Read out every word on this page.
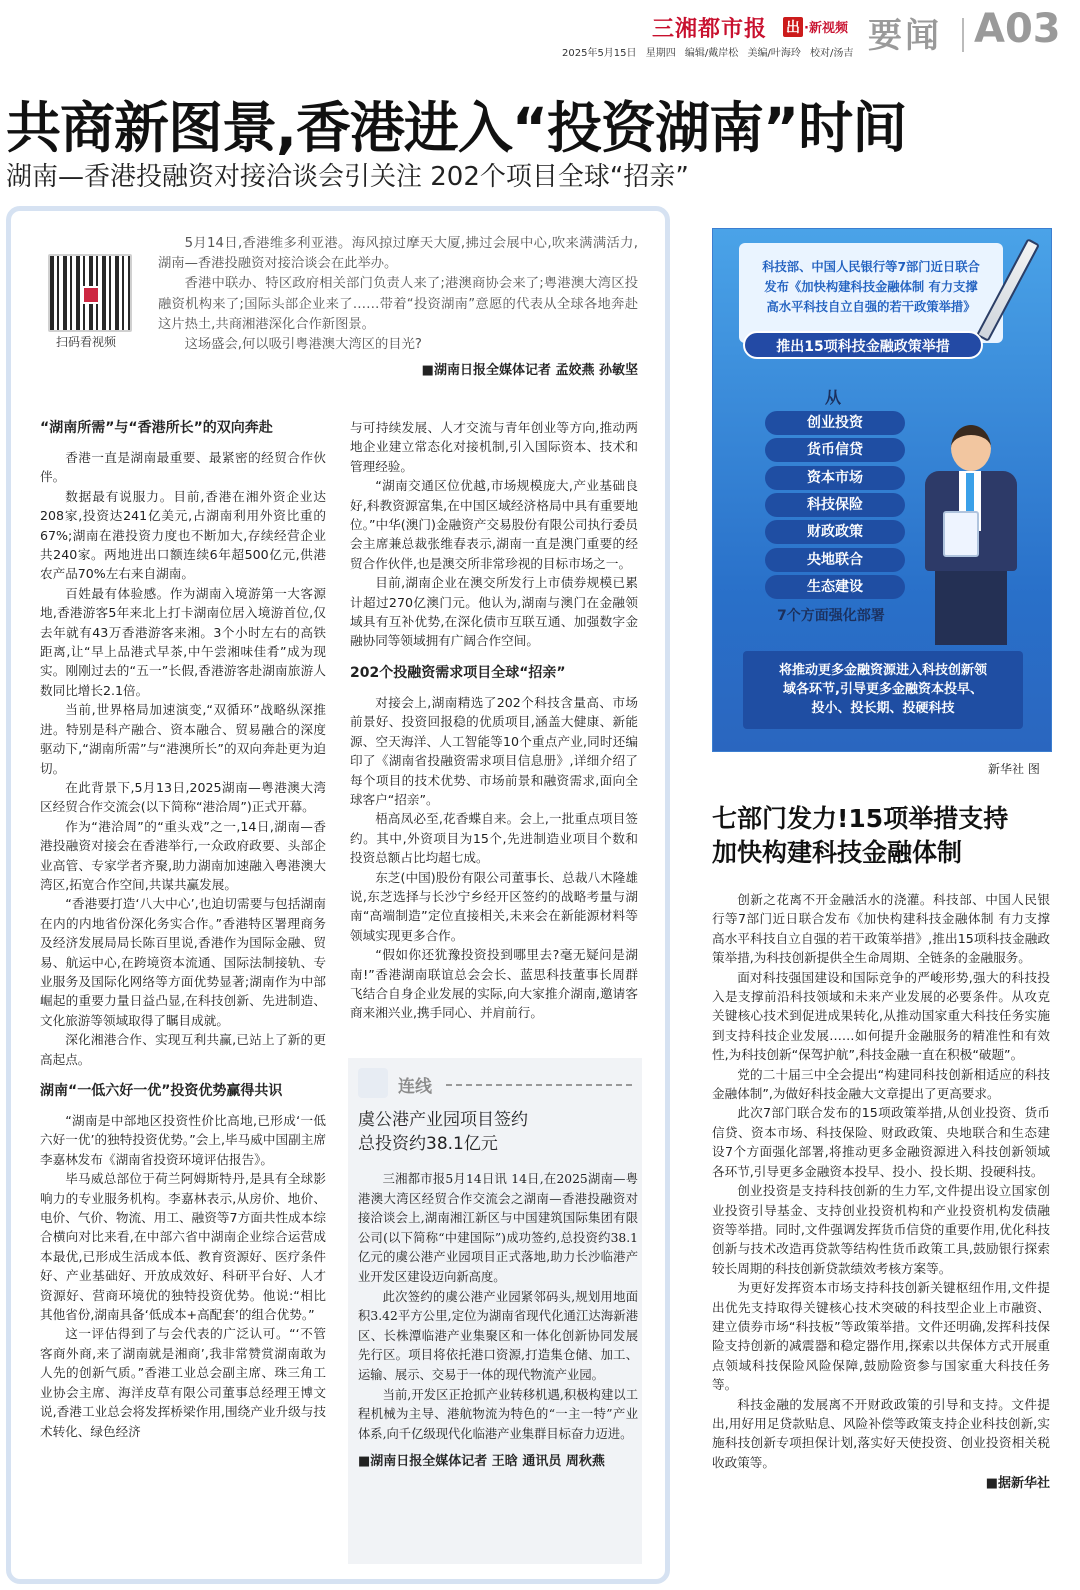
三湘都市报 出 ·新视频 要闻 A03
2025年5月15日 星期四 编辑/戴岸松 美编/叶海玲 校对/汤吉
共商新图景,香港进入“投资湖南”时间
湖南—香港投融资对接洽谈会引关注 202个项目全球“招亲”
扫码看视频

5月14日,香港维多利亚港。海风掠过摩天大厦,拂过会展中心,吹来满满活力,湖南—香港投融资对接洽谈会在此举办。

香港中联办、特区政府相关部门负责人来了;港澳商协会来了;粤港澳大湾区投融资机构来了;国际头部企业来了……带着“投资湖南”意愿的代表从全球各地奔赴这片热土,共商湘港深化合作新图景。

这场盛会,何以吸引粤港澳大湾区的目光?

■湖南日报全媒体记者 孟姣燕 孙敏坚
“湖南所需”与“香港所长”的双向奔赴

香港一直是湖南最重要、最紧密的经贸合作伙伴。

数据最有说服力。目前,香港在湘外资企业达208家,投资达241亿美元,占湖南利用外资比重的67%;湖南在港投资力度也不断加大,存续经营企业共240家。两地进出口额连续6年超500亿元,供港农产品70%左右来自湖南。

百姓最有体验感。作为湖南入境游第一大客源地,香港游客5年来北上打卡湖南位居入境游首位,仅去年就有43万香港游客来湘。3个小时左右的高铁距离,让“早上品港式早茶,中午尝湘味佳肴”成为现实。刚刚过去的“五一”长假,香港游客赴湖南旅游人数同比增长2.1倍。

当前,世界格局加速演变,“双循环”战略纵深推进。特别是科产融合、资本融合、贸易融合的深度驱动下,“湖南所需”与“港澳所长”的双向奔赴更为迫切。

在此背景下,5月13日,2025湖南—粤港澳大湾区经贸合作交流会(以下简称“港洽周”)正式开幕。

作为“港洽周”的“重头戏”之一,14日,湖南—香港投融资对接会在香港举行,一众政府政要、头部企业高管、专家学者齐聚,助力湖南加速融入粤港澳大湾区,拓宽合作空间,共谋共赢发展。

“香港要打造‘八大中心’,也迫切需要与包括湖南在内的内地省份深化务实合作。”香港特区署理商务及经济发展局局长陈百里说,香港作为国际金融、贸易、航运中心,在跨境资本流通、国际法制接轨、专业服务及国际化网络等方面优势显著;湖南作为中部崛起的重要力量日益凸显,在科技创新、先进制造、文化旅游等领域取得了瞩目成就。

深化湘港合作、实现互利共赢,已站上了新的更高起点。

湖南“一低六好一优”投资优势赢得共识

“湖南是中部地区投资性价比高地,已形成‘一低六好一优’的独特投资优势。”会上,毕马威中国副主席李嘉林发布《湖南省投资环境评估报告》。

毕马威总部位于荷兰阿姆斯特丹,是具有全球影响力的专业服务机构。李嘉林表示,从房价、地价、电价、气价、物流、用工、融资等7方面共性成本综合横向对比来看,在中部六省中湖南企业综合运营成本最优,已形成生活成本低、教育资源好、医疗条件好、产业基础好、开放成效好、科研平台好、人才资源好、营商环境优的独特投资优势。他说:“相比其他省份,湖南具备‘低成本+高配套’的组合优势。”

这一评估得到了与会代表的广泛认可。“‘不管客商外商,来了湖南就是湘商’,我非常赞赏湖南敢为人先的创新气质。”香港工业总会副主席、珠三角工业协会主席、海洋皮草有限公司董事总经理王博文说,香港工业总会将发挥桥梁作用,围绕产业升级与技术转化、绿色经济

与可持续发展、人才交流与青年创业等方向,推动两地企业建立常态化对接机制,引入国际资本、技术和管理经验。

“湖南交通区位优越,市场规模庞大,产业基础良好,科教资源富集,在中国区域经济格局中具有重要地位。”中华(澳门)金融资产交易股份有限公司执行委员会主席兼总裁张维春表示,湖南一直是澳门重要的经贸合作伙伴,也是澳交所非常珍视的目标市场之一。

目前,湖南企业在澳交所发行上市债券规模已累计超过270亿澳门元。他认为,湖南与澳门在金融领域具有互补优势,在深化债市互联互通、加强数字金融协同等领域拥有广阔合作空间。

202个投融资需求项目全球“招亲”

对接会上,湖南精选了202个科技含量高、市场前景好、投资回报稳的优质项目,涵盖大健康、新能源、空天海洋、人工智能等10个重点产业,同时还编印了《湖南省投融资需求项目信息册》,详细介绍了每个项目的技术优势、市场前景和融资需求,面向全球客户“招亲”。

梧高凤必至,花香蝶自来。会上,一批重点项目签约。其中,外资项目为15个,先进制造业项目个数和投资总额占比均超七成。

东芝(中国)股份有限公司董事长、总裁八木隆雄说,东芝选择与长沙宁乡经开区签约的战略考量与湖南“高端制造”定位直接相关,未来会在新能源材料等领域实现更多合作。

“假如你还犹豫投资投到哪里去?毫无疑问是湖南!”香港湖南联谊总会会长、蓝思科技董事长周群飞结合自身企业发展的实际,向大家推介湖南,邀请客商来湘兴业,携手同心、并肩前行。

连线
虞公港产业园项目签约
总投资约38.1亿元

三湘都市报5月14日讯 14日,在2025湖南—粤港澳大湾区经贸合作交流会之湖南—香港投融资对接洽谈会上,湖南湘江新区与中国建筑国际集团有限公司(以下简称“中建国际”)成功签约,总投资约38.1亿元的虞公港产业园项目正式落地,助力长沙临港产业开发区建设迈向新高度。

此次签约的虞公港产业园紧邻码头,规划用地面积3.42平方公里,定位为湖南省现代化通江达海新港区、长株潭临港产业集聚区和一体化创新协同发展先行区。项目将依托港口资源,打造集仓储、加工、运输、展示、交易于一体的现代物流产业园。

当前,开发区正抢抓产业转移机遇,积极构建以工程机械为主导、港航物流为特色的“一主一特”产业体系,向千亿级现代化临港产业集群目标奋力迈进。

■湖南日报全媒体记者 王晗 通讯员 周秋燕
科技部、中国人民银行等7部门近日联合
发布《加快构建科技金融体制 有力支撑
高水平科技自立自强的若干政策举措》
推出15项科技金融政策举措
从
创业投资
货币信贷
资本市场
科技保险
财政政策
央地联合
生态建设
7个方面强化部署
将推动更多金融资源进入科技创新领
域各环节,引导更多金融资本投早、
投小、投长期、投硬科技
新华社 图
七部门发力!15项举措支持
加快构建科技金融体制

创新之花离不开金融活水的浇灌。科技部、中国人民银行等7部门近日联合发布《加快构建科技金融体制 有力支撑高水平科技自立自强的若干政策举措》,推出15项科技金融政策举措,为科技创新提供全生命周期、全链条的金融服务。

面对科技强国建设和国际竞争的严峻形势,强大的科技投入是支撑前沿科技领域和未来产业发展的必要条件。从攻克关键核心技术到促进成果转化,从推动国家重大科技任务实施到支持科技企业发展……如何提升金融服务的精准性和有效性,为科技创新“保驾护航”,科技金融一直在积极“破题”。

党的二十届三中全会提出“构建同科技创新相适应的科技金融体制”,为做好科技金融大文章提出了更高要求。

此次7部门联合发布的15项政策举措,从创业投资、货币信贷、资本市场、科技保险、财政政策、央地联合和生态建设7个方面强化部署,将推动更多金融资源进入科技创新领域各环节,引导更多金融资本投早、投小、投长期、投硬科技。

创业投资是支持科技创新的生力军,文件提出设立国家创业投资引导基金、支持创业投资机构和产业投资机构发债融资等举措。同时,文件强调发挥货币信贷的重要作用,优化科技创新与技术改造再贷款等结构性货币政策工具,鼓励银行探索较长周期的科技创新贷款绩效考核方案等。

为更好发挥资本市场支持科技创新关键枢纽作用,文件提出优先支持取得关键核心技术突破的科技型企业上市融资、建立债券市场“科技板”等政策举措。文件还明确,发挥科技保险支持创新的减震器和稳定器作用,探索以共保体方式开展重点领域科技保险风险保障,鼓励险资参与国家重大科技任务等。

科技金融的发展离不开财政政策的引导和支持。文件提出,用好用足贷款贴息、风险补偿等政策支持企业科技创新,实施科技创新专项担保计划,落实好天使投资、创业投资相关税收政策等。

■据新华社
